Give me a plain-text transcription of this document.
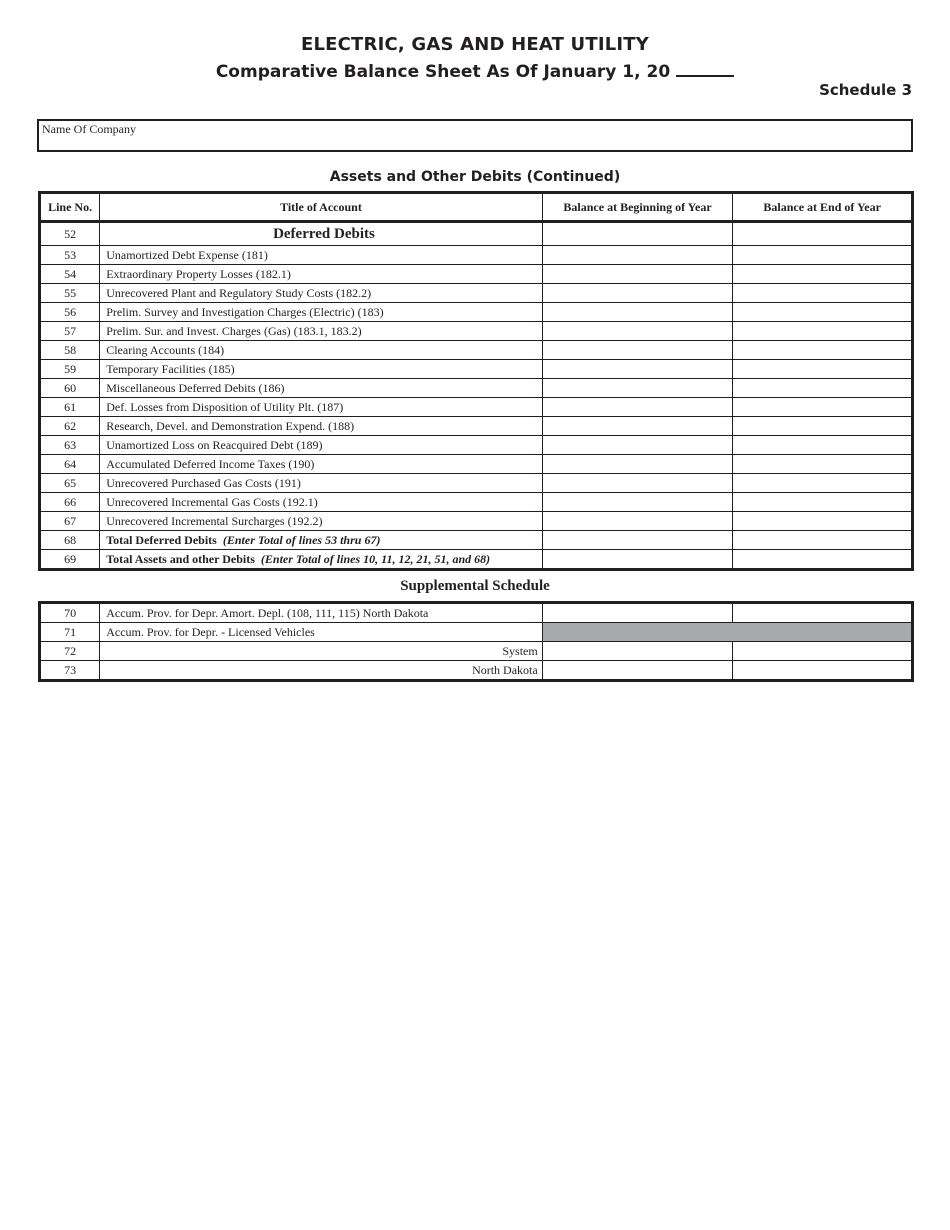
ELECTRIC, GAS AND HEAT UTILITY
Comparative Balance Sheet As Of January 1, 20
Schedule 3
Name Of Company
Assets and Other Debits (Continued)
Line No.	Title of Account	Balance at Beginning of Year	Balance at End of Year
52	Deferred Debits		
53	Unamortized Debt Expense (181)		
54	Extraordinary Property Losses (182.1)		
55	Unrecovered Plant and Regulatory Study Costs (182.2)		
56	Prelim. Survey and Investigation Charges (Electric) (183)		
57	Prelim. Sur. and Invest. Charges (Gas) (183.1, 183.2)		
58	Clearing Accounts (184)		
59	Temporary Facilities (185)		
60	Miscellaneous Deferred Debits (186)		
61	Def. Losses from Disposition of Utility Plt. (187)		
62	Research, Devel. and Demonstration Expend. (188)		
63	Unamortized Loss on Reacquired Debt (189)		
64	Accumulated Deferred Income Taxes (190)		
65	Unrecovered Purchased Gas Costs (191)		
66	Unrecovered Incremental Gas Costs (192.1)		
67	Unrecovered Incremental Surcharges (192.2)		
68	Total Deferred Debits (Enter Total of lines 53 thru 67)		
69	Total Assets and other Debits (Enter Total of lines 10, 11, 12, 21, 51, and 68)		
Supplemental Schedule
70	Accum. Prov. for Depr. Amort. Depl. (108, 111, 115) North Dakota		
71	Accum. Prov. for Depr. - Licensed Vehicles		
72	System		
73	North Dakota		
